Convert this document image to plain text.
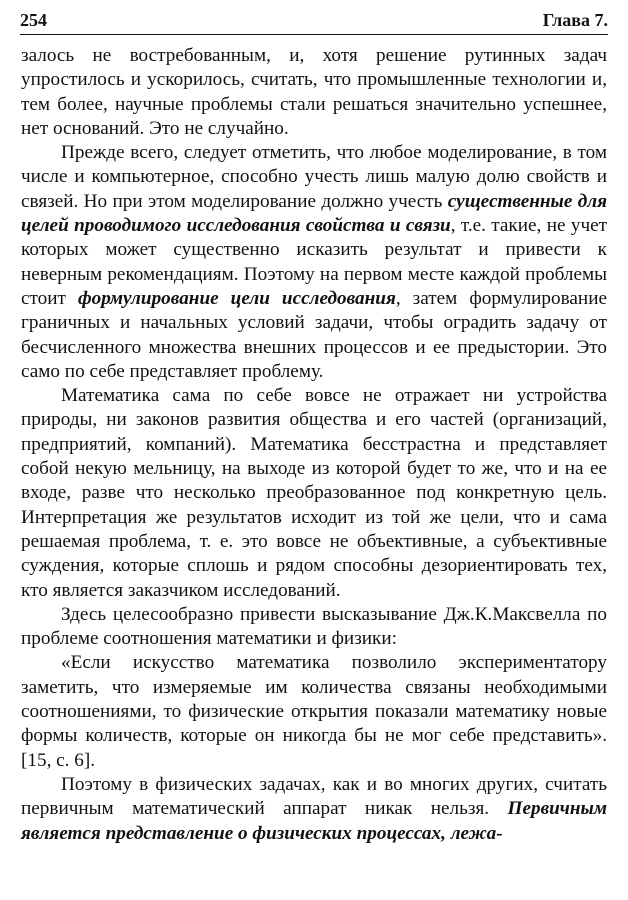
254	Глава 7.

залось не востребованным, и, хотя решение рутинных задач упростилось и ускорилось, считать, что промышленные технологии и, тем более, научные проблемы стали решаться значительно успешнее, нет оснований. Это не случайно.

Прежде всего, следует отметить, что любое моделирование, в том числе и компьютерное, способно учесть лишь малую долю свойств и связей. Но при этом моделирование должно учесть существенные для целей проводимого исследования свойства и связи, т.е. такие, не учет которых может существенно исказить результат и привести к неверным рекомендациям. Поэтому на первом месте каждой проблемы стоит формулирование цели исследования, затем формулирование граничных и начальных условий задачи, чтобы оградить задачу от бесчисленного множества внешних процессов и ее предыстории. Это само по себе представляет проблему.

Математика сама по себе вовсе не отражает ни устройства природы, ни законов развития общества и его частей (организаций, предприятий, компаний). Математика бесстрастна и представляет собой некую мельницу, на выходе из которой будет то же, что и на ее входе, разве что несколько преобразованное под конкретную цель. Интерпретация же результатов исходит из той же цели, что и сама решаемая проблема, т. е. это вовсе не объективные, а субъективные суждения, которые сплошь и рядом способны дезориентировать тех, кто является заказчиком исследований.

Здесь целесообразно привести высказывание Дж.К.Максвелла по проблеме соотношения математики и физики:

«Если искусство математика позволило экспериментатору заметить, что измеряемые им количества связаны необходимыми соотношениями, то физические открытия показали математику новые формы количеств, которые он никогда бы не мог себе представить».[15, с. 6].

Поэтому в физических задачах, как и во многих других, считать первичным математический аппарат никак нельзя. Первичным является представление о физических процессах, лежа-
